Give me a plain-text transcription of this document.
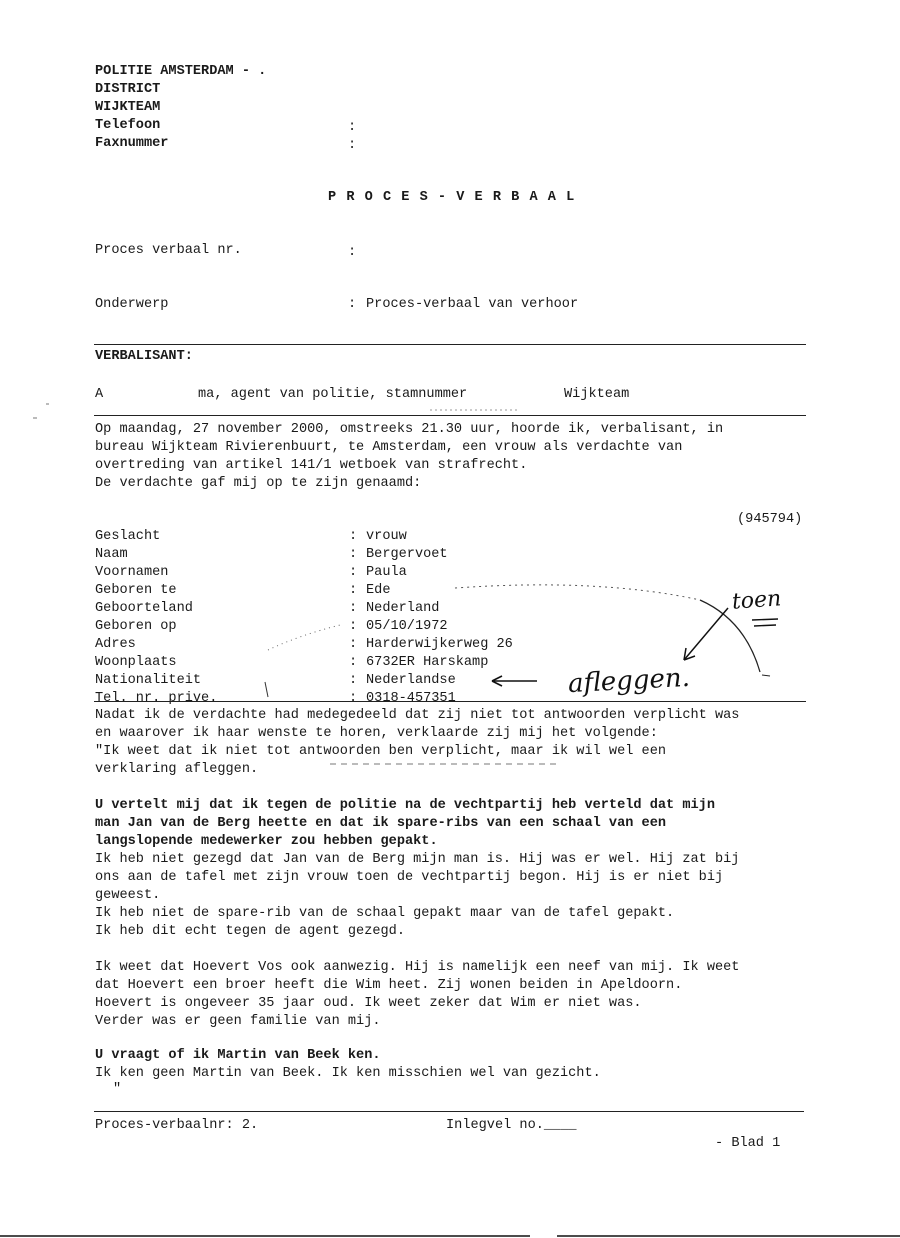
POLITIE AMSTERDAM - .
DISTRICT
WIJKTEAM
Telefoon	:
Faxnummer	:
P R O C E S - V E R B A A L
Proces verbaal nr.	:
Onderwerp	: Proces-verbaal van verhoor
VERBALISANT:
A	ma, agent van politie, stamnummer	Wijkteam
Op maandag, 27 november 2000, omstreeks 21.30 uur, hoorde ik, verbalisant, in
bureau Wijkteam Rivierenbuurt, te Amsterdam, een vrouw als verdachte van
overtreding van artikel 141/1 wetboek van strafrecht.
De verdachte gaf mij op te zijn genaamd:
(945794)

Geslacht	: vrouw

Naam	: Bergervoet

Voornamen	: Paula

Geboren te	: Ede

Geboorteland	: Nederland

Geboren op	: 05/10/1972

Adres	: Harderwijkerweg 26

Woonplaats	: 6732ER Harskamp

Nationaliteit	: Nederlandse

Tel. nr. prive.	: 0318-457351

toen
afleggen.
Nadat ik de verdachte had medegedeeld dat zij niet tot antwoorden verplicht was
en waarover ik haar wenste te horen, verklaarde zij mij het volgende:
"Ik weet dat ik niet tot antwoorden ben verplicht, maar ik wil wel een
verklaring afleggen.
U vertelt mij dat ik tegen de politie na de vechtpartij heb verteld dat mijn
man Jan van de Berg heette en dat ik spare-ribs van een schaal van een
langslopende medewerker zou hebben gepakt.
Ik heb niet gezegd dat Jan van de Berg mijn man is. Hij was er wel. Hij zat bij
ons aan de tafel met zijn vrouw toen de vechtpartij begon. Hij is er niet bij
geweest.
Ik heb niet de spare-rib van de schaal gepakt maar van de tafel gepakt.
Ik heb dit echt tegen de agent gezegd.
Ik weet dat Hoevert Vos ook aanwezig. Hij is namelijk een neef van mij. Ik weet
dat Hoevert een broer heeft die Wim heet. Zij wonen beiden in Apeldoorn.
Hoevert is ongeveer 35 jaar oud. Ik weet zeker dat Wim er niet was.
Verder was er geen familie van mij.
U vraagt of ik Martin van Beek ken.
Ik ken geen Martin van Beek. Ik ken misschien wel van gezicht.
"
Proces-verbaalnr: 2.	Inlegvel no.____
- Blad 1
